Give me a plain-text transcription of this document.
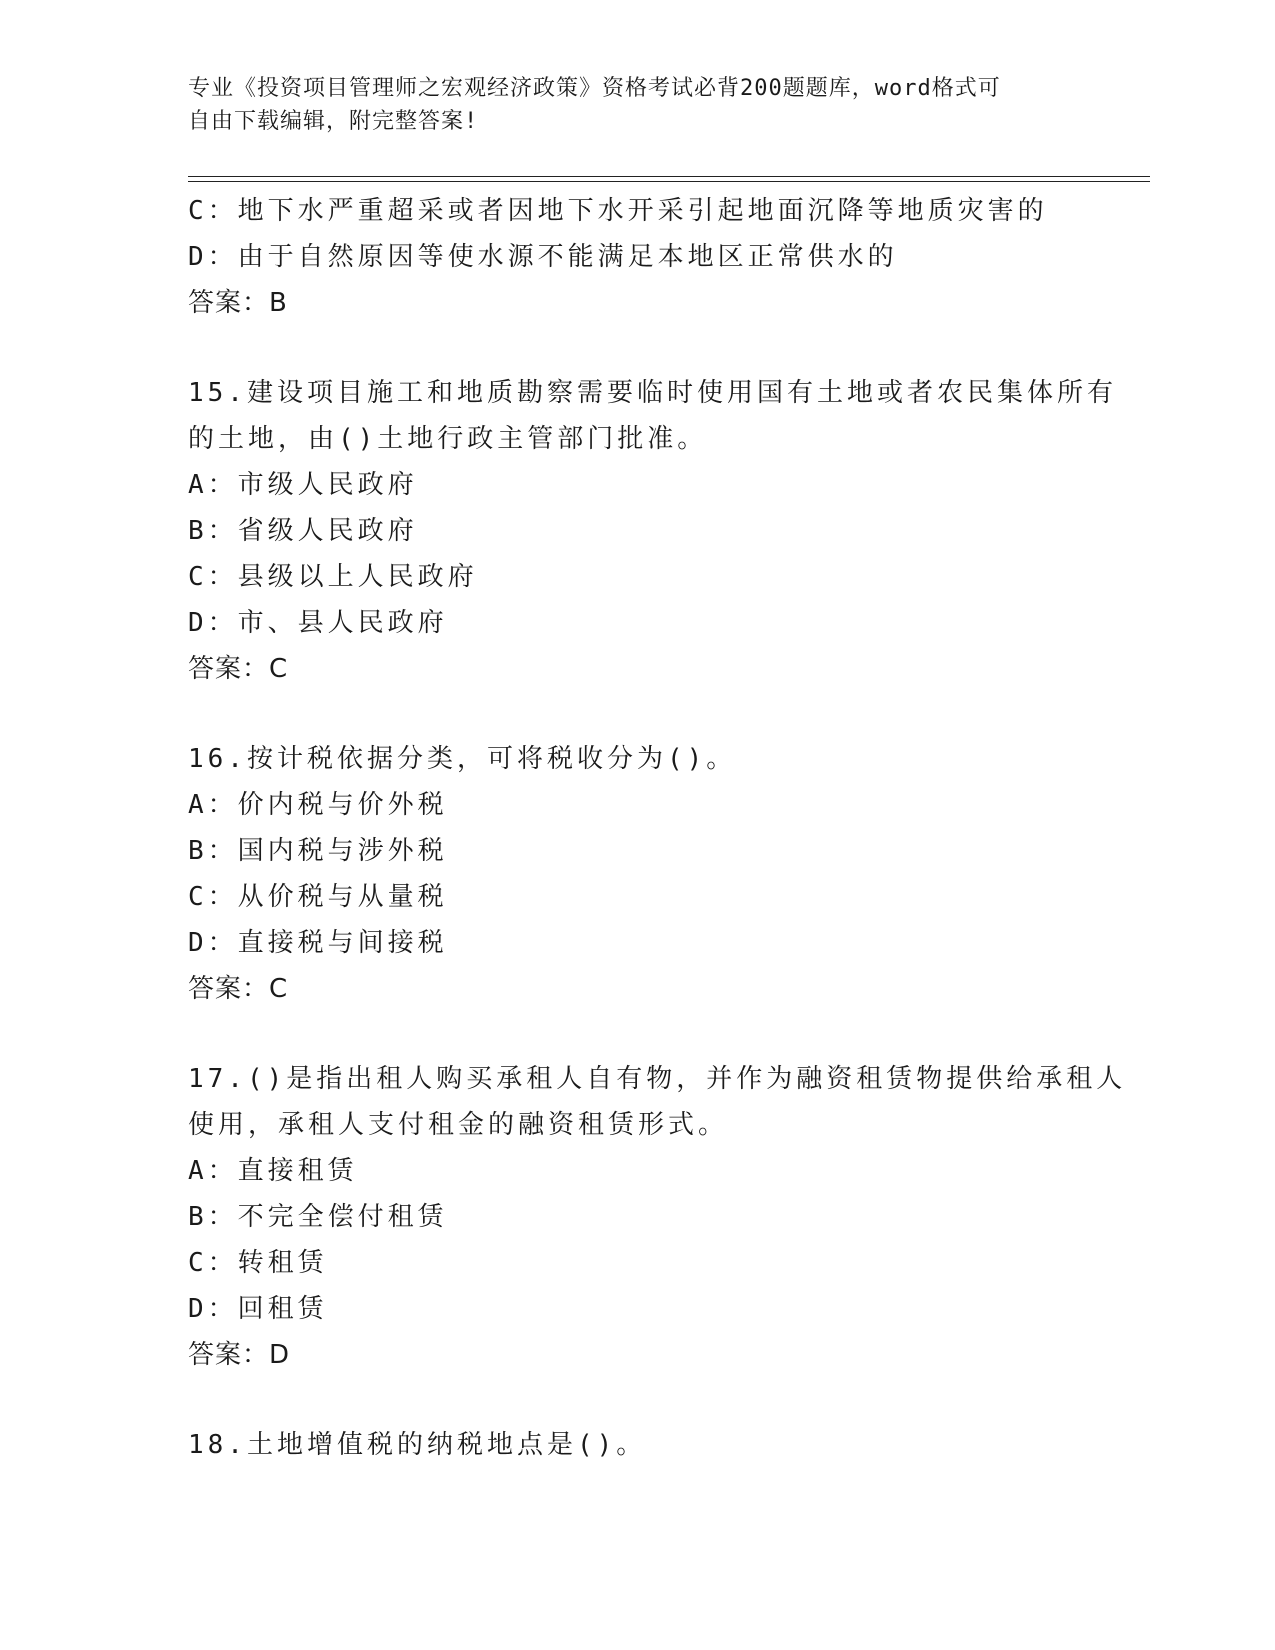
专业《投资项目管理师之宏观经济政策》资格考试必背200题题库，word格式可
自由下载编辑，附完整答案!
C：地下水严重超采或者因地下水开采引起地面沉降等地质灾害的
D：由于自然原因等使水源不能满足本地区正常供水的
答案：B
15.建设项目施工和地质勘察需要临时使用国有土地或者农民集体所有
的土地，由()土地行政主管部门批准。
A：市级人民政府
B：省级人民政府
C：县级以上人民政府
D：市、县人民政府
答案：C
16.按计税依据分类，可将税收分为()。
A：价内税与价外税
B：国内税与涉外税
C：从价税与从量税
D：直接税与间接税
答案：C
17.()是指出租人购买承租人自有物，并作为融资租赁物提供给承租人
使用，承租人支付租金的融资租赁形式。
A：直接租赁
B：不完全偿付租赁
C：转租赁
D：回租赁
答案：D
18.土地增值税的纳税地点是()。
